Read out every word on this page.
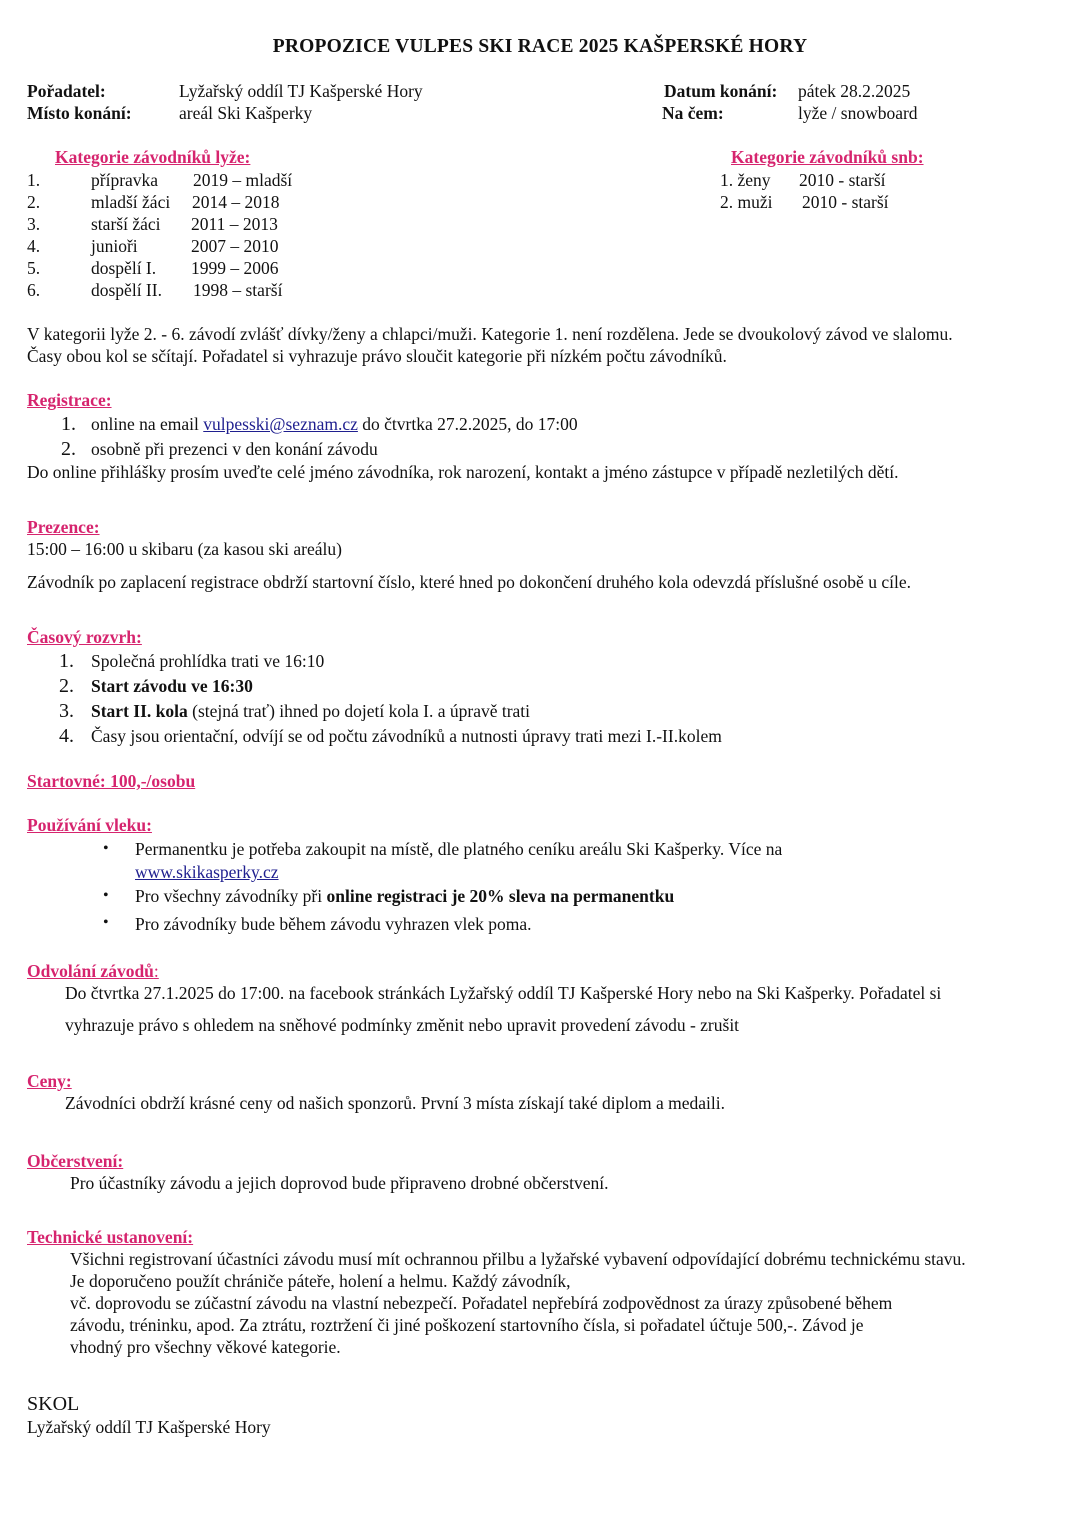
PROPOZICE VULPES SKI RACE 2025 KAŠPERSKÉ HORY
Pořadatel:	Lyžařský oddíl TJ Kašperské Hory
Místo konání:	areál Ski Kašperky
Datum konání: pátek 28.2.2025
Na čem:	lyže / snowboard
Kategorie závodníků lyže:
1.	přípravka 2019 – mladší
2.	mladší žáci 2014 – 2018
3.	starší žáci 2011 – 2013
4.	junioři	2007 – 2010
5.	dospělí I. 1999 – 2006
6.	dospělí II. 1998 – starší
Kategorie závodníků snb:
1. ženy 2010 - starší
2. muži 2010 - starší
V kategorii lyže 2. - 6. závodí zvlášť dívky/ženy a chlapci/muži. Kategorie 1. není rozdělena. Jede se dvoukolový závod ve slalomu.
Časy obou kol se sčítají. Pořadatel si vyhrazuje právo sloučit kategorie při nízkém počtu závodníků.
Registrace:
1. online na email vulpesski@seznam.cz do čtvrtka 27.2.2025, do 17:00
2. osobně při prezenci v den konání závodu
Do online přihlášky prosím uveďte celé jméno závodníka, rok narození, kontakt a jméno zástupce v případě nezletilých dětí.
Prezence:
15:00 – 16:00 u skibaru (za kasou ski areálu)
Závodník po zaplacení registrace obdrží startovní číslo, které hned po dokončení druhého kola odevzdá příslušné osobě u cíle.
Časový rozvrh:
1. Společná prohlídka trati ve 16:10
2. Start závodu ve 16:30
3. Start II. kola (stejná trať) ihned po dojetí kola I. a úpravě trati
4. Časy jsou orientační, odvíjí se od počtu závodníků a nutnosti úpravy trati mezi I.-II.kolem
Startovné: 100,-/osobu
Používání vleku:
• Permanentku je potřeba zakoupit na místě, dle platného ceníku areálu Ski Kašperky. Více na
www.skikasperky.cz
• Pro všechny závodníky při online registraci je 20% sleva na permanentku
• Pro závodníky bude během závodu vyhrazen vlek poma.
Odvolání závodů:
Do čtvrtka 27.1.2025 do 17:00. na facebook stránkách Lyžařský oddíl TJ Kašperské Hory nebo na Ski Kašperky. Pořadatel si
vyhrazuje právo s ohledem na sněhové podmínky změnit nebo upravit provedení závodu - zrušit
Ceny:
Závodníci obdrží krásné ceny od našich sponzorů. První 3 místa získají také diplom a medaili.
Občerstvení:
Pro účastníky závodu a jejich doprovod bude připraveno drobné občerstvení.
Technické ustanovení:
Všichni registrovaní účastníci závodu musí mít ochrannou přilbu a lyžařské vybavení odpovídající dobrému technickému stavu.
Je doporučeno použít chrániče páteře, holení a helmu. Každý závodník,
vč. doprovodu se zúčastní závodu na vlastní nebezpečí. Pořadatel nepřebírá zodpovědnost za úrazy způsobené během
závodu, tréninku, apod. Za ztrátu, roztržení či jiné poškození startovního čísla, si pořadatel účtuje 500,-. Závod je
vhodný pro všechny věkové kategorie.
SKOL
Lyžařský oddíl TJ Kašperské Hory
